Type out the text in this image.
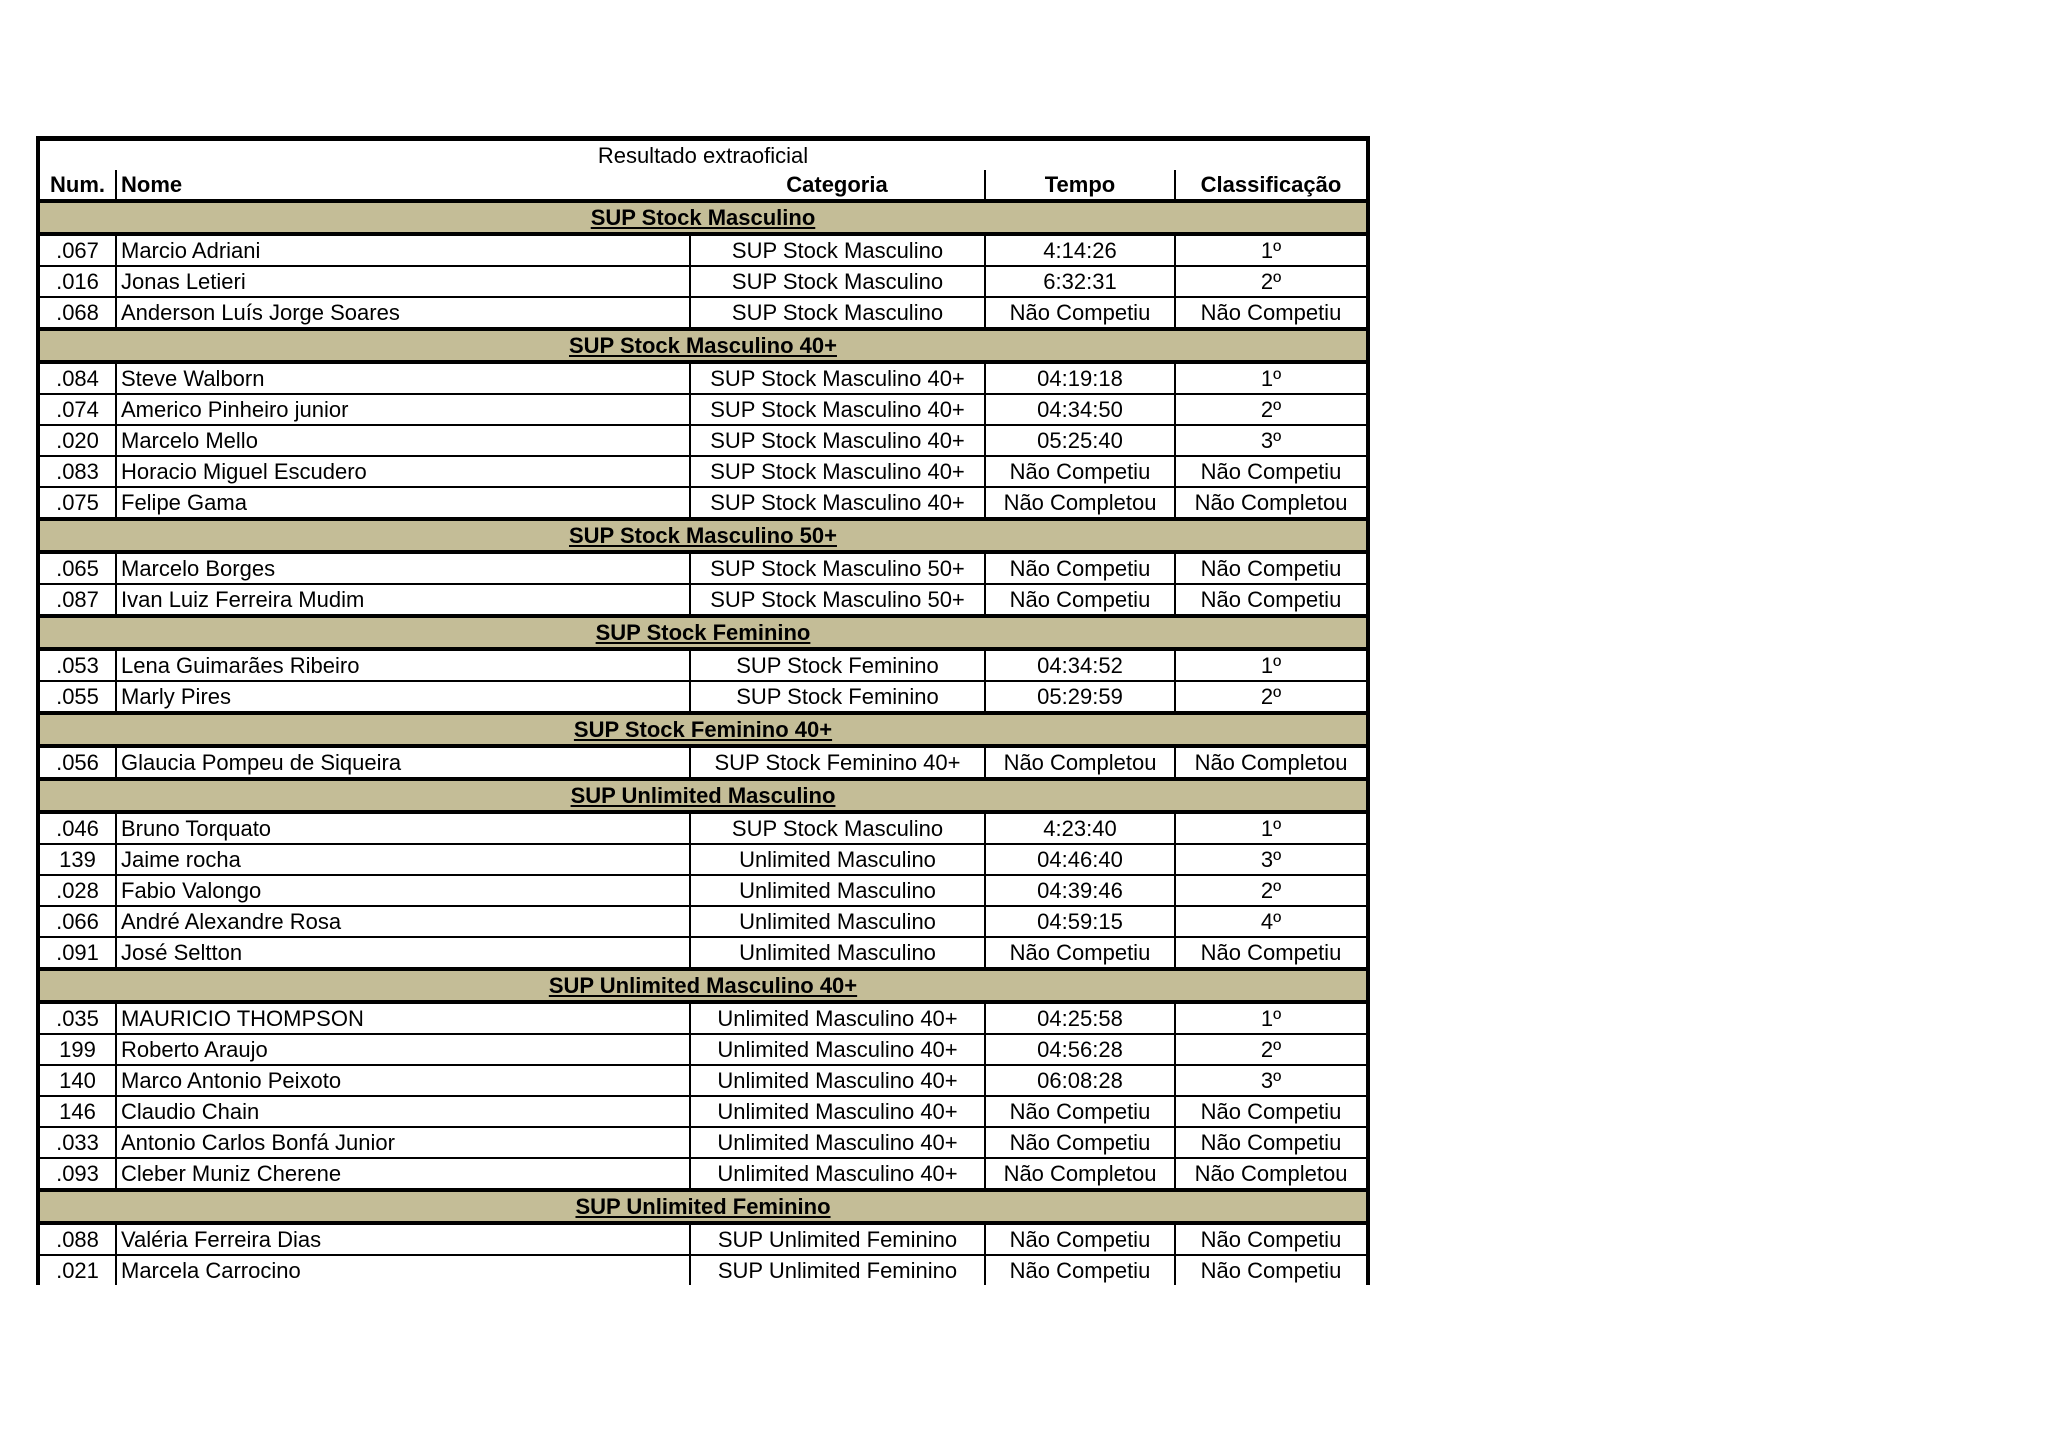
Resultado extraoficial				
Num.	Nome	Categoria	Tempo	Classificação
SUP Stock Masculino				
.067	Marcio Adriani	SUP Stock Masculino	4:14:26	1º
.016	Jonas Letieri	SUP Stock Masculino	6:32:31	2º
.068	Anderson Luís Jorge Soares	SUP Stock Masculino	Não Competiu	Não Competiu
SUP Stock Masculino 40+				
.084	Steve Walborn	SUP Stock Masculino 40+	04:19:18	1º
.074	Americo Pinheiro junior	SUP Stock Masculino 40+	04:34:50	2º
.020	Marcelo Mello	SUP Stock Masculino 40+	05:25:40	3º
.083	Horacio Miguel Escudero	SUP Stock Masculino 40+	Não Competiu	Não Competiu
.075	Felipe Gama	SUP Stock Masculino 40+	Não Completou	Não Completou
SUP Stock Masculino 50+				
.065	Marcelo Borges	SUP Stock Masculino 50+	Não Competiu	Não Competiu
.087	Ivan Luiz Ferreira Mudim	SUP Stock Masculino 50+	Não Competiu	Não Competiu
SUP Stock Feminino				
.053	Lena Guimarães Ribeiro	SUP Stock Feminino	04:34:52	1º
.055	Marly Pires	SUP Stock Feminino	05:29:59	2º
SUP Stock Feminino 40+				
.056	Glaucia Pompeu de Siqueira	SUP Stock Feminino 40+	Não Completou	Não Completou
SUP Unlimited Masculino				
.046	Bruno Torquato	SUP Stock Masculino	4:23:40	1º
139	Jaime rocha	Unlimited Masculino	04:46:40	3º
.028	Fabio Valongo	Unlimited Masculino	04:39:46	2º
.066	André Alexandre Rosa	Unlimited Masculino	04:59:15	4º
.091	José Seltton	Unlimited Masculino	Não Competiu	Não Competiu
SUP Unlimited Masculino 40+				
.035	MAURICIO THOMPSON	Unlimited Masculino 40+	04:25:58	1º
199	Roberto Araujo	Unlimited Masculino 40+	04:56:28	2º
140	Marco Antonio Peixoto	Unlimited Masculino 40+	06:08:28	3º
146	Claudio Chain	Unlimited Masculino 40+	Não Competiu	Não Competiu
.033	Antonio Carlos Bonfá Junior	Unlimited Masculino 40+	Não Competiu	Não Competiu
.093	Cleber Muniz Cherene	Unlimited Masculino 40+	Não Completou	Não Completou
SUP Unlimited Feminino				
.088	Valéria Ferreira Dias	SUP Unlimited Feminino	Não Competiu	Não Competiu
.021	Marcela Carrocino	SUP Unlimited Feminino	Não Competiu	Não Competiu
